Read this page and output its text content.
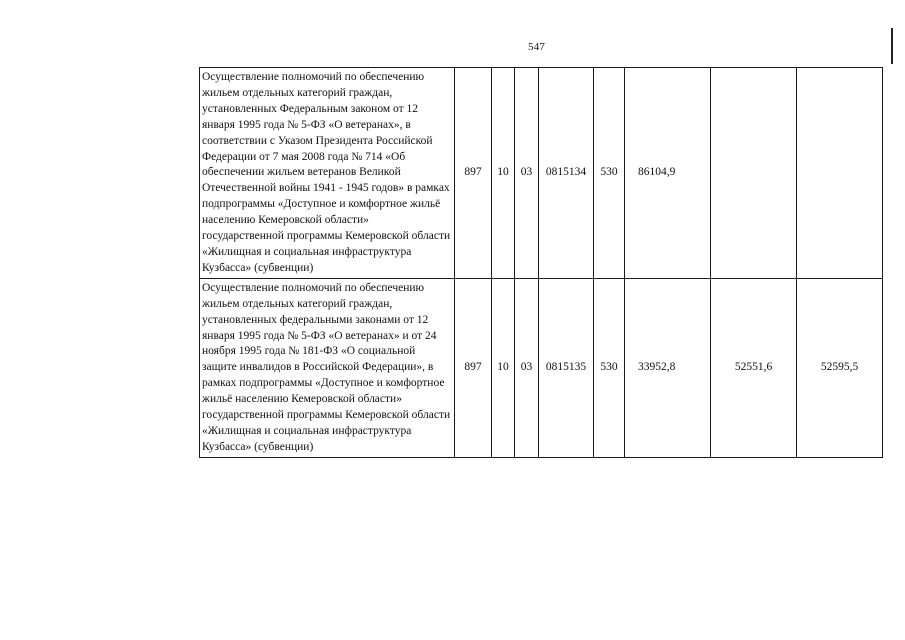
547
Осуществление полномочий по обеспечению жильем отдельных категорий граждан, установленных Федеральным законом от 12 января 1995 года № 5-ФЗ «О ветеранах», в соответствии с Указом Президента Российской Федерации от 7 мая 2008 года № 714 «Об обеспечении жильем ветеранов Великой Отечественной войны 1941 - 1945 годов» в рамках подпрограммы «Доступное и комфортное жильё населению Кемеровской области» государственной программы Кемеровской области «Жилищная и социальная инфраструктура Кузбасса» (субвенции)	897	10	03	0815134	530	86104,9		
Осуществление полномочий по обеспечению жильем отдельных категорий граждан, установленных федеральными законами от 12 января 1995 года № 5-ФЗ «О ветеранах» и от 24 ноября 1995 года № 181-ФЗ «О социальной защите инвалидов в Российской Федерации», в рамках подпрограммы «Доступное и комфортное жильё населению Кемеровской области» государственной программы Кемеровской области «Жилищная и социальная инфраструктура Кузбасса» (субвенции)	897	10	03	0815135	530	33952,8	52551,6	52595,5
